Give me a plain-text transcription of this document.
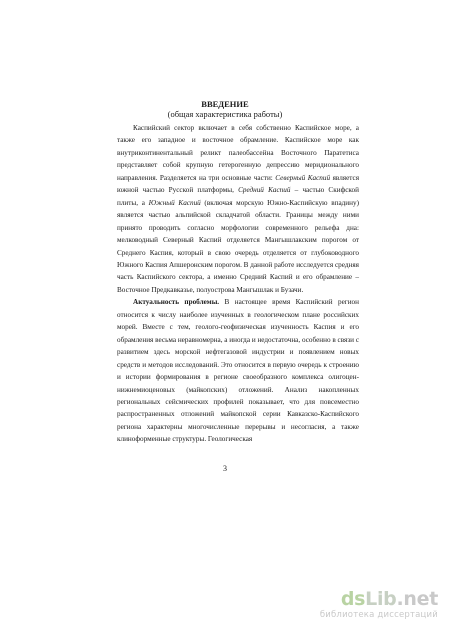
ВВЕДЕНИЕ
(общая характеристика работы)

Каспийский сектор включает в себя собственно Каспийское море, а также его западное и восточное обрамление. Каспийское море как внутриконтинентальный реликт палеобассейна Восточного Паратетиса представляет собой крупную гетерогенную депрессию меридионального направления. Разделяется на три основные части: Северный Каспий является южной частью Русской платформы, Средний Каспий – частью Скифской плиты, а Южный Каспий (включая морскую Южно-Каспийскую впадину) является частью альпийской складчатой области. Границы между ними принято проводить согласно морфологии современного рельефа дна: мелководный Северный Каспий отделяется Мангышлакским порогом от Среднего Каспия, который в свою очередь отделяется от глубоководного Южного Каспия Апшеронским порогом. В данной работе исследуется средняя часть Каспийского сектора, а именно Средний Каспий и его обрамление – Восточное Предкавказье, полуострова Мангышлак и Бузачи.

Актуальность проблемы. В настоящее время Каспийский регион относится к числу наиболее изученных в геологическом плане российских морей. Вместе с тем, геолого-геофизическая изученность Каспия и его обрамления весьма неравномерна, а иногда и недостаточна, особенно в связи с развитием здесь морской нефтегазовой индустрии и появлением новых средств и методов исследований. Это относится в первую очередь к строению и истории формирования в регионе своеобразного комплекса олигоцен-нижнемиоценовых (майкопских) отложений. Анализ накопленных региональных сейсмических профилей показывает, что для повсеместно распространенных отложений майкопской серии Кавказско-Каспийского региона характерны многочисленные перерывы и несогласия, а также клиноформенные структуры. Геологическая

3
dsLib.net
библиотека диссертаций
